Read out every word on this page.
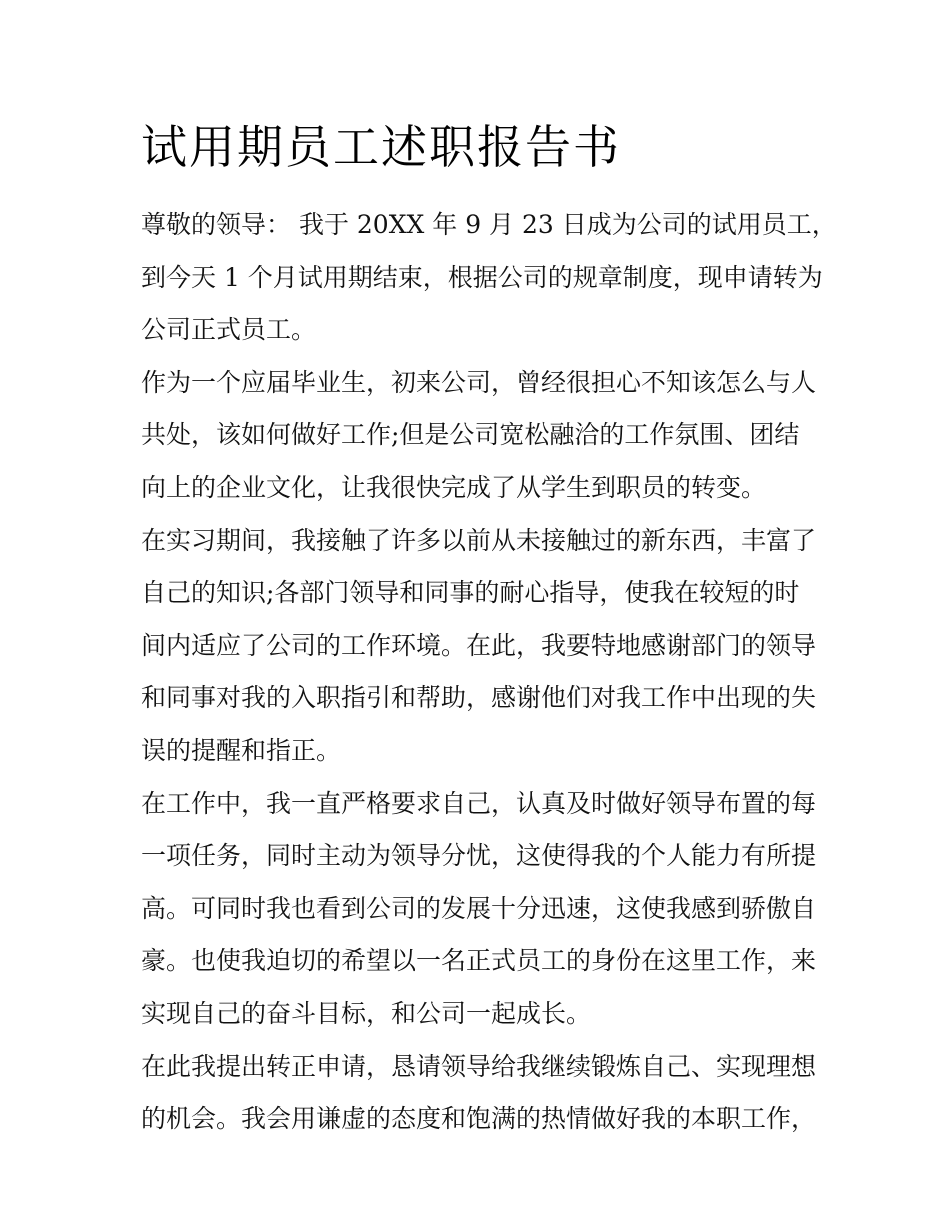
试用期员工述职报告书
尊敬的领导： 我于 20XX 年 9 月 23 日成为公司的试用员工，
到今天 1 个月试用期结束，根据公司的规章制度，现申请转为
公司正式员工。
作为一个应届毕业生，初来公司，曾经很担心不知该怎么与人
共处，该如何做好工作;但是公司宽松融洽的工作氛围、团结
向上的企业文化，让我很快完成了从学生到职员的转变。
在实习期间，我接触了许多以前从未接触过的新东西，丰富了
自己的知识;各部门领导和同事的耐心指导，使我在较短的时
间内适应了公司的工作环境。在此，我要特地感谢部门的领导
和同事对我的入职指引和帮助，感谢他们对我工作中出现的失
误的提醒和指正。
在工作中，我一直严格要求自己，认真及时做好领导布置的每
一项任务，同时主动为领导分忧，这使得我的个人能力有所提
高。可同时我也看到公司的发展十分迅速，这使我感到骄傲自
豪。也使我迫切的希望以一名正式员工的身份在这里工作，来
实现自己的奋斗目标，和公司一起成长。
在此我提出转正申请，恳请领导给我继续锻炼自己、实现理想
的机会。我会用谦虚的态度和饱满的热情做好我的本职工作，
